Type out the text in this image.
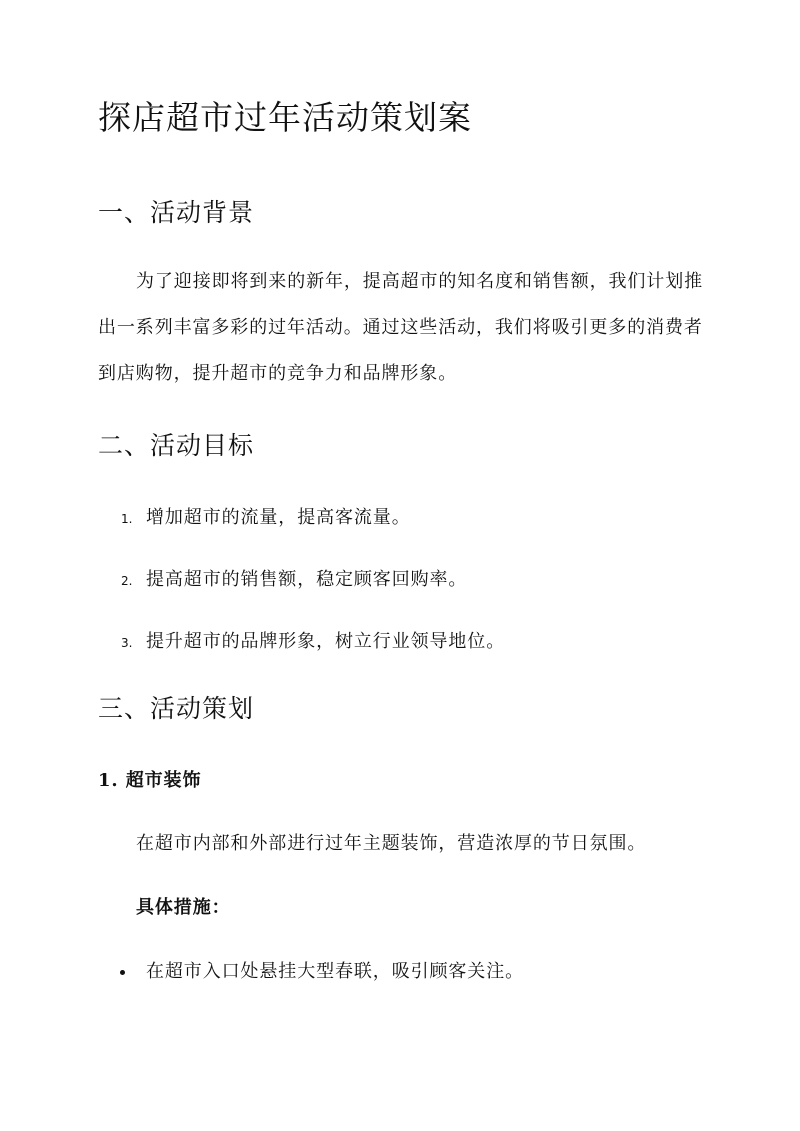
探店超市过年活动策划案
一、活动背景

为了迎接即将到来的新年，提高超市的知名度和销售额，我们计划推出一系列丰富多彩的过年活动。通过这些活动，我们将吸引更多的消费者到店购物，提升超市的竞争力和品牌形象。

二、活动目标
1. 增加超市的流量，提高客流量。
2. 提高超市的销售额，稳定顾客回购率。
3. 提升超市的品牌形象，树立行业领导地位。
三、活动策划
1. 超市装饰
在超市内部和外部进行过年主题装饰，营造浓厚的节日氛围。
具体措施：
在超市入口处悬挂大型春联，吸引顾客关注。
